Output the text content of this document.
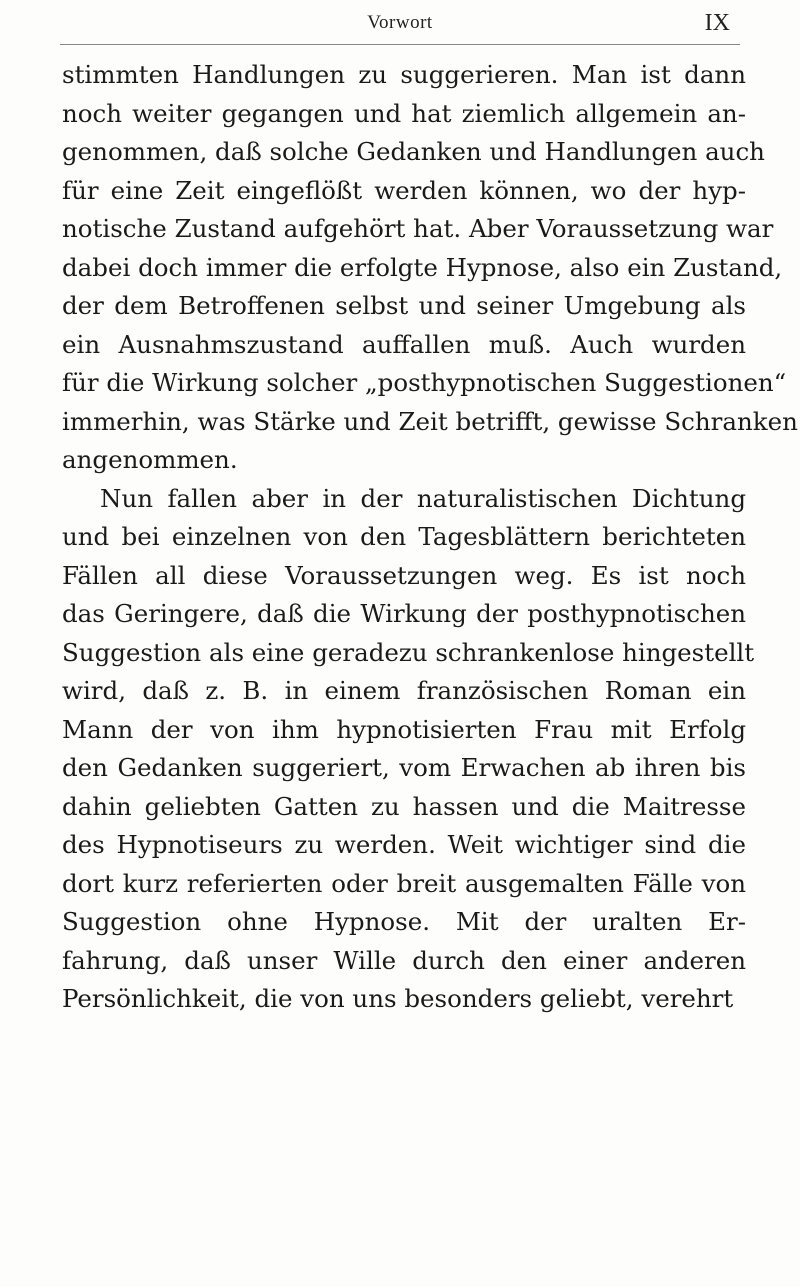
Vorwort	IX
stimmten Handlungen zu suggerieren. Man ist dann
noch weiter gegangen und hat ziemlich allgemein an-
genommen, daß solche Gedanken und Handlungen auch
für eine Zeit eingeflößt werden können, wo der hyp-
notische Zustand aufgehört hat. Aber Voraussetzung war
dabei doch immer die erfolgte Hypnose, also ein Zustand,
der dem Betroffenen selbst und seiner Umgebung als
ein Ausnahmszustand auffallen muß. Auch wurden
für die Wirkung solcher „posthypnotischen Suggestionen“
immerhin, was Stärke und Zeit betrifft, gewisse Schranken
angenommen.
Nun fallen aber in der naturalistischen Dichtung
und bei einzelnen von den Tagesblättern berichteten
Fällen all diese Voraussetzungen weg. Es ist noch
das Geringere, daß die Wirkung der posthypnotischen
Suggestion als eine geradezu schrankenlose hingestellt
wird, daß z. B. in einem französischen Roman ein
Mann der von ihm hypnotisierten Frau mit Erfolg
den Gedanken suggeriert, vom Erwachen ab ihren bis
dahin geliebten Gatten zu hassen und die Maitresse
des Hypnotiseurs zu werden. Weit wichtiger sind die
dort kurz referierten oder breit ausgemalten Fälle von
Suggestion ohne Hypnose. Mit der uralten Er-
fahrung, daß unser Wille durch den einer anderen
Persönlichkeit, die von uns besonders geliebt, verehrt
